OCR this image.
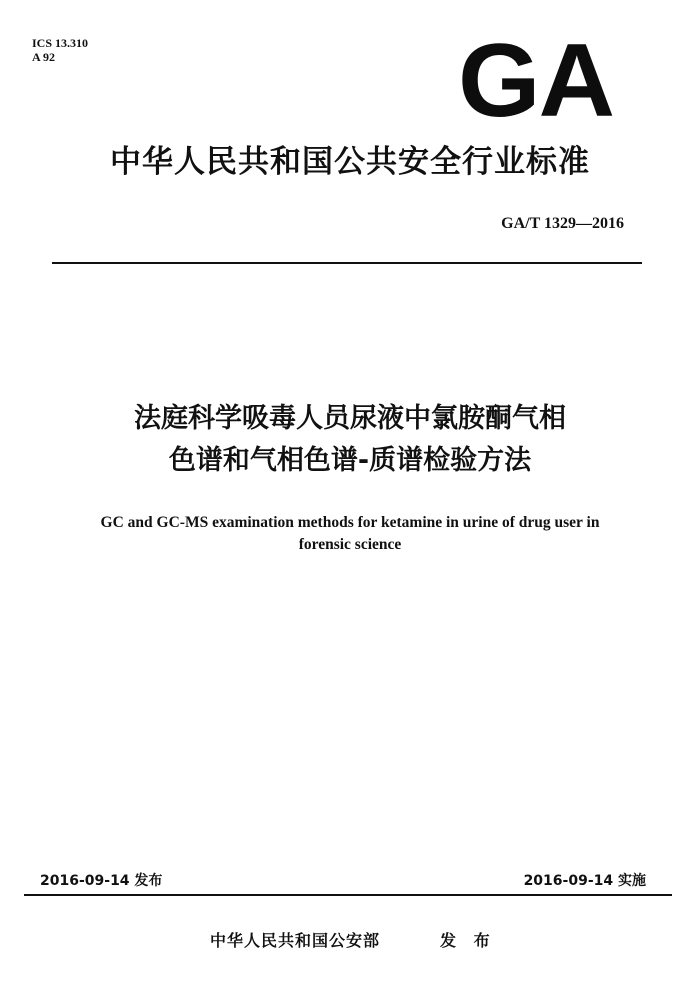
ICS 13.310
A 92	GA
中华人民共和国公共安全行业标准
GA/T 1329—2016
法庭科学吸毒人员尿液中氯胺酮气相
色谱和气相色谱-质谱检验方法
GC and GC-MS examination methods for ketamine in urine of drug user in
forensic science
2016-09-14 发布	2016-09-14 实施
中华人民共和国公安部	发 布
